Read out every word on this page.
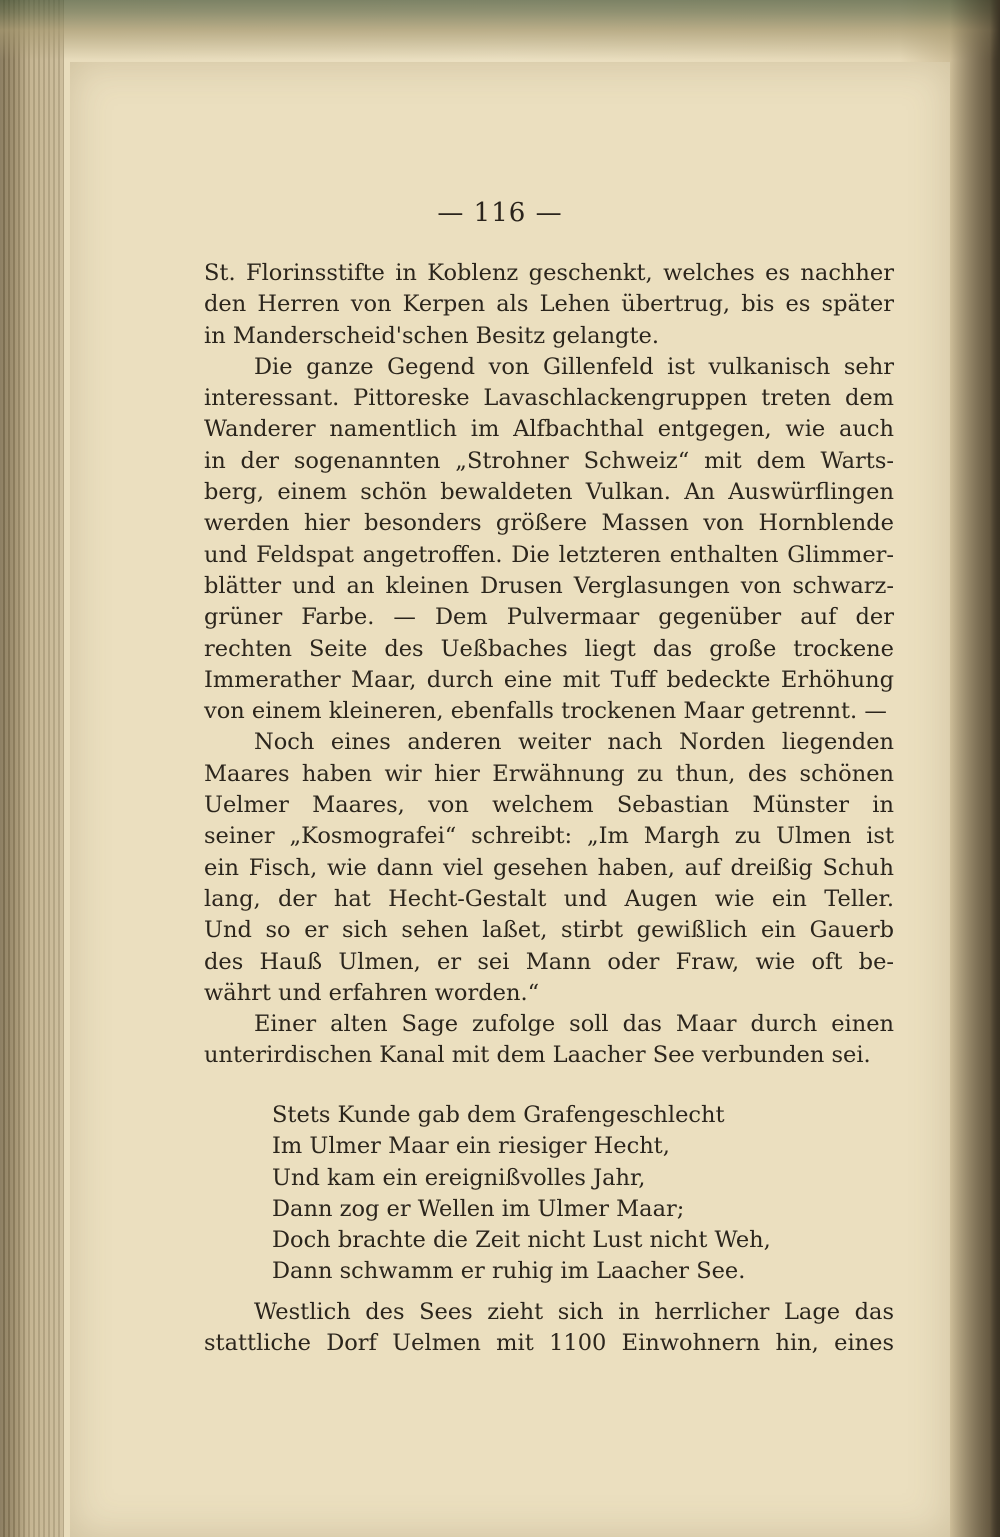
— 116 —
St. Florinsstifte in Koblenz geschenkt, welches es nachher
den Herren von Kerpen als Lehen übertrug, bis es später
in Manderscheid'schen Besitz gelangte.
Die ganze Gegend von Gillenfeld ist vulkanisch sehr
interessant. Pittoreske Lavaschlackengruppen treten dem
Wanderer namentlich im Alfbachthal entgegen, wie auch
in der sogenannten „Strohner Schweiz“ mit dem Warts-
berg, einem schön bewaldeten Vulkan. An Auswürflingen
werden hier besonders größere Massen von Hornblende
und Feldspat angetroffen. Die letzteren enthalten Glimmer-
blätter und an kleinen Drusen Verglasungen von schwarz-
grüner Farbe. — Dem Pulvermaar gegenüber auf der
rechten Seite des Ueßbaches liegt das große trockene
Immerather Maar, durch eine mit Tuff bedeckte Erhöhung
von einem kleineren, ebenfalls trockenen Maar getrennt. —
Noch eines anderen weiter nach Norden liegenden
Maares haben wir hier Erwähnung zu thun, des schönen
Uelmer Maares, von welchem Sebastian Münster in
seiner „Kosmografei“ schreibt: „Im Margh zu Ulmen ist
ein Fisch, wie dann viel gesehen haben, auf dreißig Schuh
lang, der hat Hecht-Gestalt und Augen wie ein Teller.
Und so er sich sehen laßet, stirbt gewißlich ein Gauerb
des Hauß Ulmen, er sei Mann oder Fraw, wie oft be-
währt und erfahren worden.“
Einer alten Sage zufolge soll das Maar durch einen
unterirdischen Kanal mit dem Laacher See verbunden sei.
Stets Kunde gab dem Grafengeschlecht
Im Ulmer Maar ein riesiger Hecht,
Und kam ein ereignißvolles Jahr,
Dann zog er Wellen im Ulmer Maar;
Doch brachte die Zeit nicht Lust nicht Weh,
Dann schwamm er ruhig im Laacher See.
Westlich des Sees zieht sich in herrlicher Lage das
stattliche Dorf Uelmen mit 1100 Einwohnern hin, eines
